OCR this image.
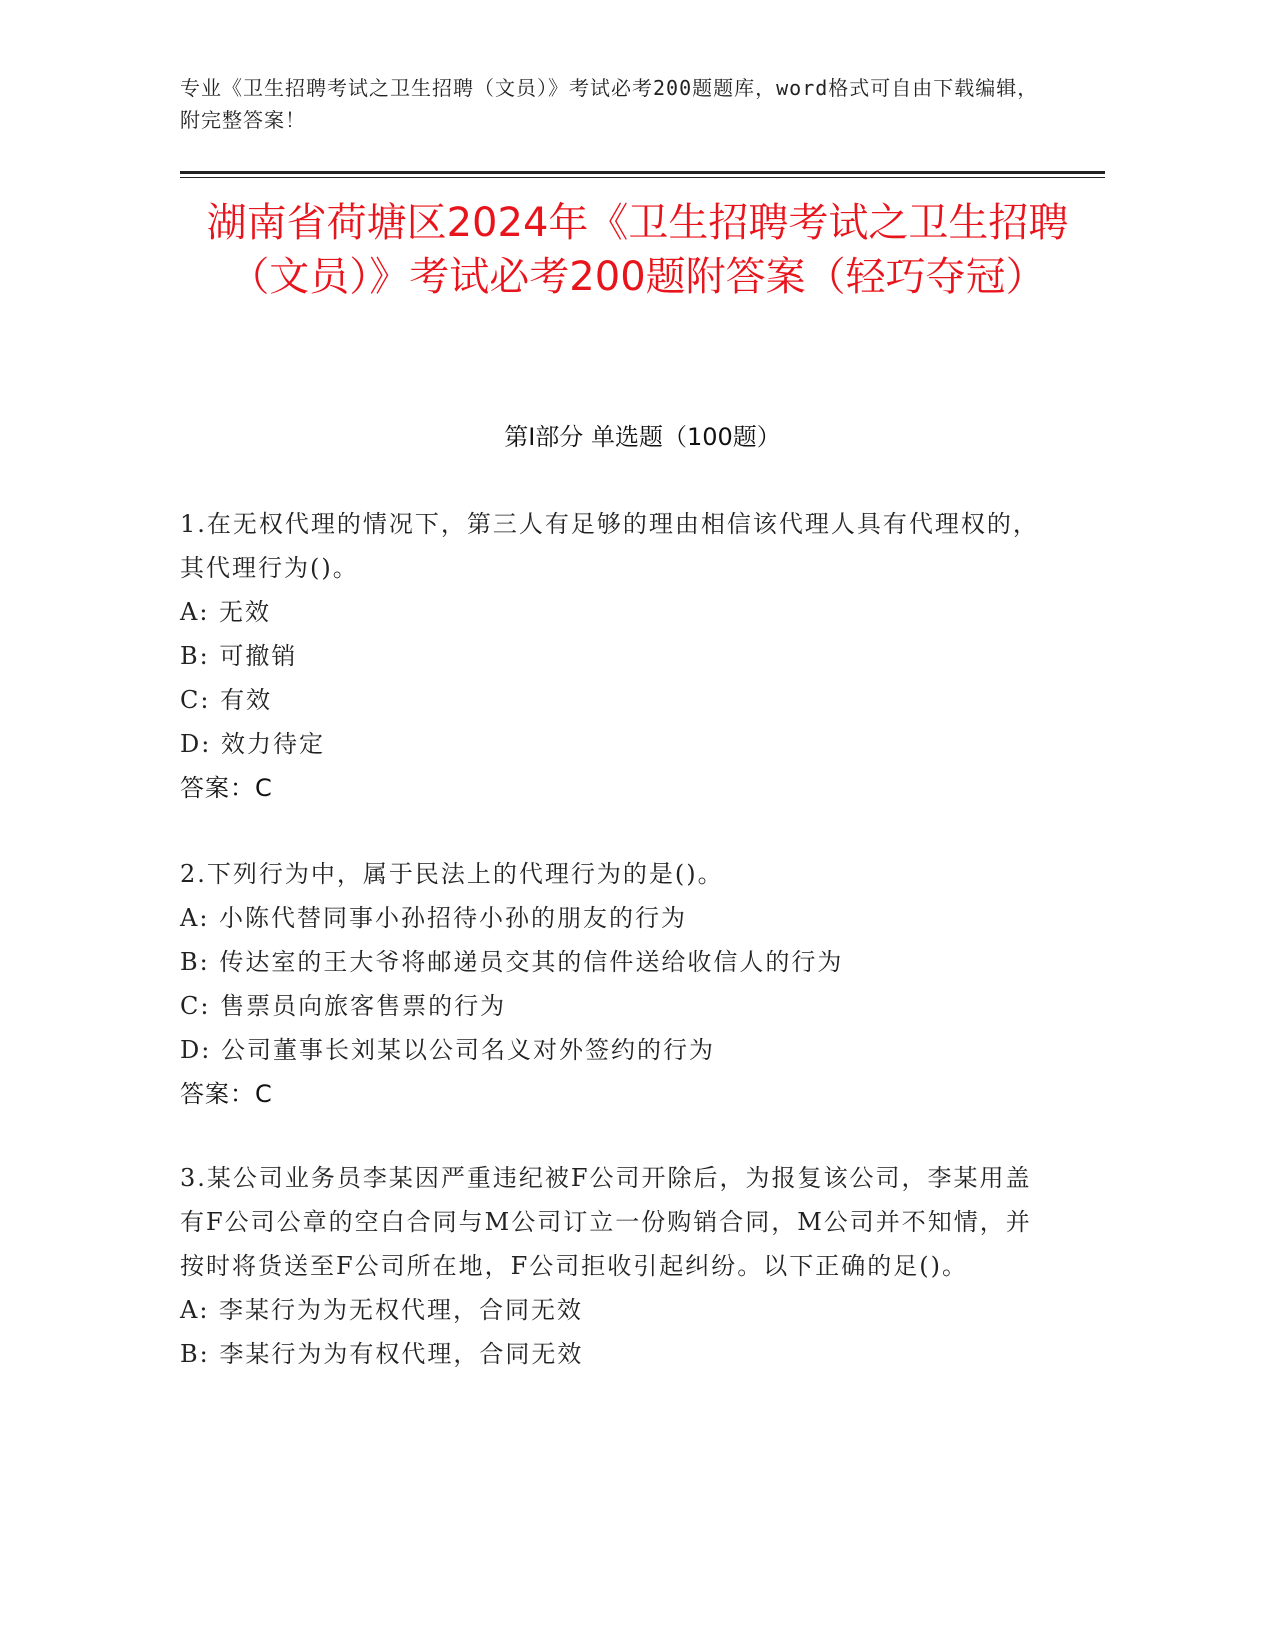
专业《卫生招聘考试之卫生招聘（文员）》考试必考200题题库，word格式可自由下载编辑，附完整答案！
湖南省荷塘区2024年《卫生招聘考试之卫生招聘（文员）》考试必考200题附答案（轻巧夺冠）
第Ⅰ部分 单选题（100题）

1.在无权代理的情况下，第三人有足够的理由相信该代理人具有代理权的，其代理行为()。

A: 无效

B: 可撤销

C: 有效

D: 效力待定

答案：C

2.下列行为中，属于民法上的代理行为的是()。

A: 小陈代替同事小孙招待小孙的朋友的行为

B: 传达室的王大爷将邮递员交其的信件送给收信人的行为

C: 售票员向旅客售票的行为

D: 公司董事长刘某以公司名义对外签约的行为

答案：C

3.某公司业务员李某因严重违纪被F公司开除后，为报复该公司，李某用盖有F公司公章的空白合同与M公司订立一份购销合同，M公司并不知情，并按时将货送至F公司所在地，F公司拒收引起纠纷。以下正确的足()。

A: 李某行为为无权代理，合同无效

B: 李某行为为有权代理，合同无效
